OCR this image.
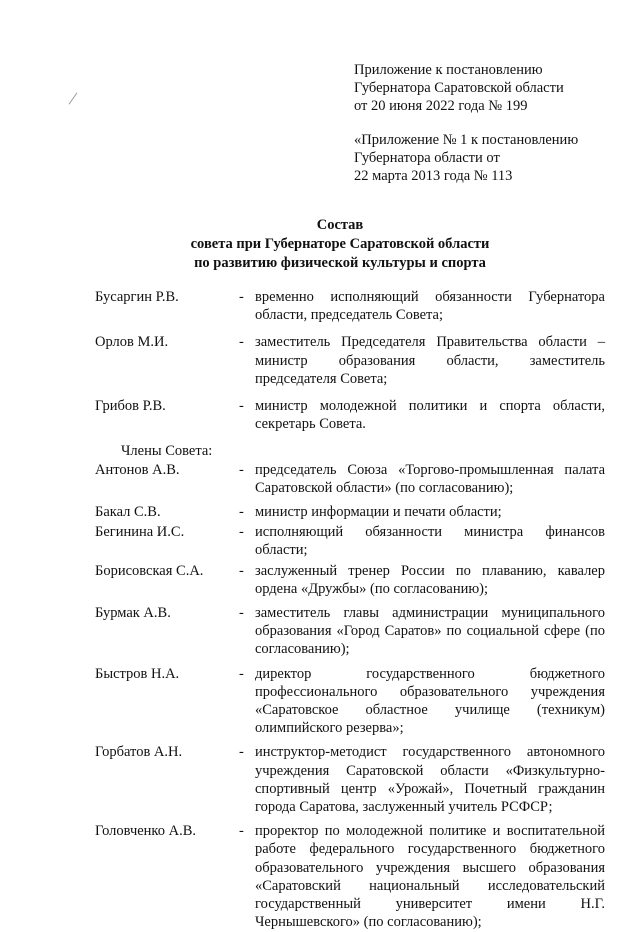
Приложение к постановлению
Губернатора Саратовской области
от 20 июня 2022 года № 199
«Приложение № 1 к постановлению
Губернатора области от
22 марта 2013 года № 113
Состав
совета при Губернаторе Саратовской области
по развитию физической культуры и спорта
Бусаргин Р.В.	- временно исполняющий обязанности Губернатора области, председатель Совета;
Орлов М.И.	- заместитель Председателя Правительства области – министр образования области, заместитель председателя Совета;
Грибов Р.В.	- министр молодежной политики и спорта области, секретарь Совета.
Члены Совета:
Антонов А.В.	- председатель Союза «Торгово-промышленная палата Саратовской области» (по согласованию);
Бакал С.В.	- министр информации и печати области;
Бегинина И.С.	- исполняющий обязанности министра финансов области;
Борисовская С.А.	- заслуженный тренер России по плаванию, кавалер ордена «Дружбы» (по согласованию);
Бурмак А.В.	- заместитель главы администрации муниципального образования «Город Саратов» по социальной сфере (по согласованию);
Быстров Н.А.	- директор государственного бюджетного профессионального образовательного учреждения «Саратовское областное училище (техникум) олимпийского резерва»;
Горбатов А.Н.	- инструктор-методист государственного автономного учреждения Саратовской области «Физкультурно-спортивный центр «Урожай», Почетный гражданин города Саратова, заслуженный учитель РСФСР;
Головченко А.В.	- проректор по молодежной политике и воспитательной работе федерального государственного бюджетного образовательного учреждения высшего образования «Саратовский национальный исследовательский государственный университет имени Н.Г. Чернышевского» (по согласованию);
